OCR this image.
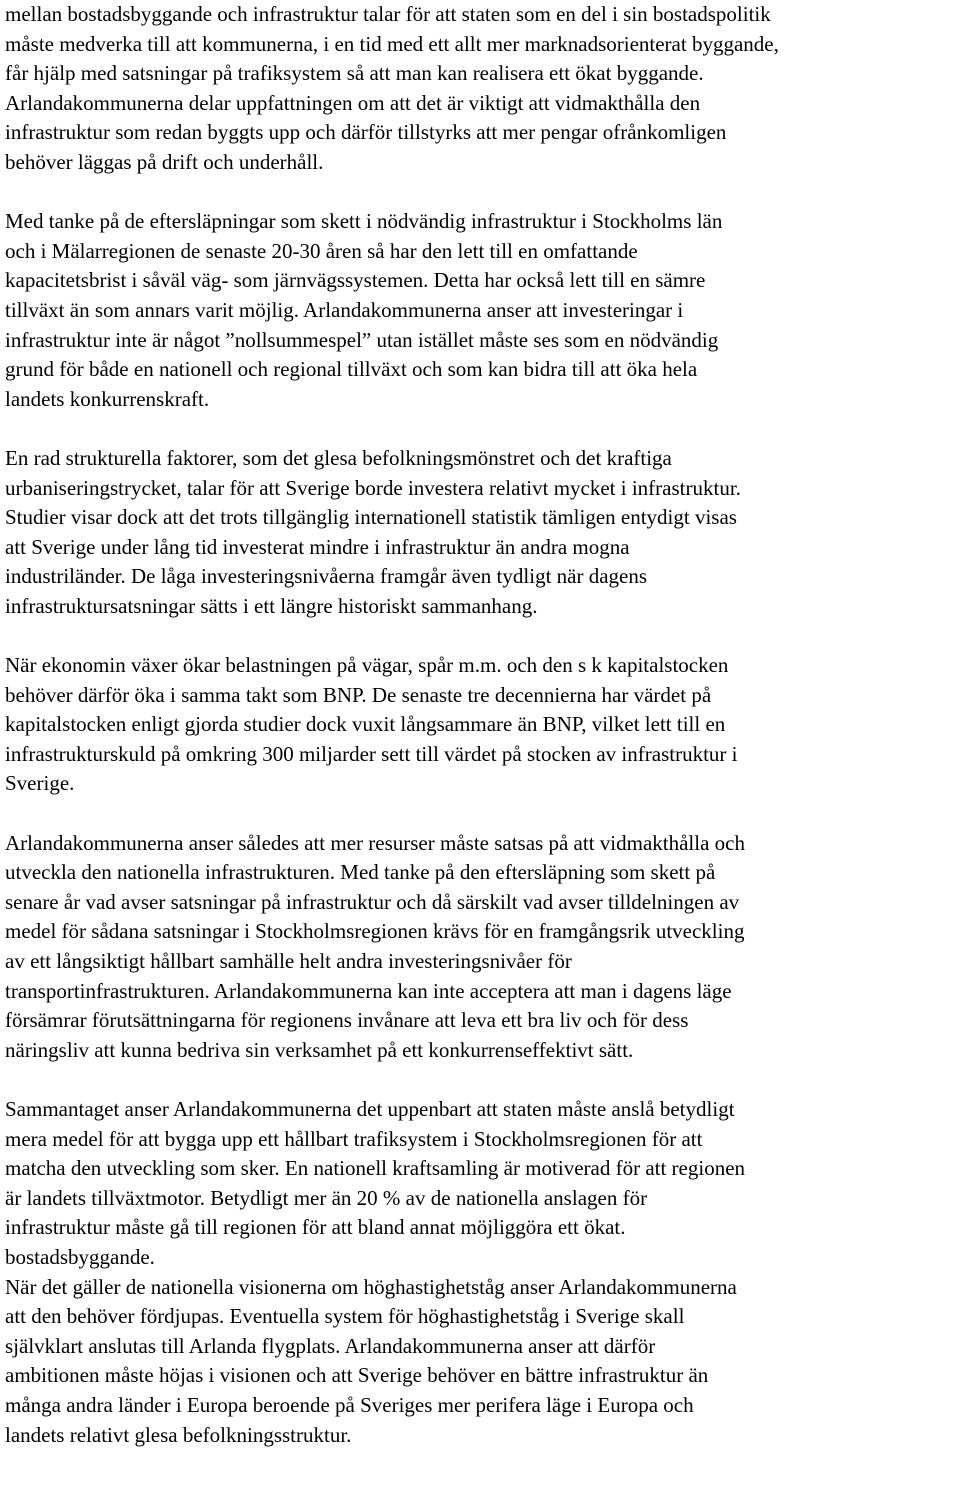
mellan bostadsbyggande och infrastruktur talar för att staten som en del i sin bostadspolitik
måste medverka till att kommunerna, i en tid med ett allt mer marknadsorienterat byggande,
får hjälp med satsningar på trafiksystem så att man kan realisera ett ökat byggande.
Arlandakommunerna delar uppfattningen om att det är viktigt att vidmakthålla den
infrastruktur som redan byggts upp och därför tillstyrks att mer pengar ofrånkomligen
behöver läggas på drift och underhåll.
Med tanke på de eftersläpningar som skett i nödvändig infrastruktur i Stockholms län
och i Mälarregionen de senaste 20-30 åren så har den lett till en omfattande
kapacitetsbrist i såväl väg- som järnvägssystemen. Detta har också lett till en sämre
tillväxt än som annars varit möjlig. Arlandakommunerna anser att investeringar i
infrastruktur inte är något ”nollsummespel” utan istället måste ses som en nödvändig
grund för både en nationell och regional tillväxt och som kan bidra till att öka hela
landets konkurrenskraft.
En rad strukturella faktorer, som det glesa befolkningsmönstret och det kraftiga
urbaniseringstrycket, talar för att Sverige borde investera relativt mycket i infrastruktur.
Studier visar dock att det trots tillgänglig internationell statistik tämligen entydigt visas
att Sverige under lång tid investerat mindre i infrastruktur än andra mogna
industriländer. De låga investeringsnivåerna framgår även tydligt när dagens
infrastruktursatsningar sätts i ett längre historiskt sammanhang.
När ekonomin växer ökar belastningen på vägar, spår m.m. och den s k kapitalstocken
behöver därför öka i samma takt som BNP. De senaste tre decennierna har värdet på
kapitalstocken enligt gjorda studier dock vuxit långsammare än BNP, vilket lett till en
infrastrukturskuld på omkring 300 miljarder sett till värdet på stocken av infrastruktur i
Sverige.
Arlandakommunerna anser således att mer resurser måste satsas på att vidmakthålla och
utveckla den nationella infrastrukturen. Med tanke på den eftersläpning som skett på
senare år vad avser satsningar på infrastruktur och då särskilt vad avser tilldelningen av
medel för sådana satsningar i Stockholmsregionen krävs för en framgångsrik utveckling
av ett långsiktigt hållbart samhälle helt andra investeringsnivåer för
transportinfrastrukturen. Arlandakommunerna kan inte acceptera att man i dagens läge
försämrar förutsättningarna för regionens invånare att leva ett bra liv och för dess
näringsliv att kunna bedriva sin verksamhet på ett konkurrenseffektivt sätt.
Sammantaget anser Arlandakommunerna det uppenbart att staten måste anslå betydligt
mera medel för att bygga upp ett hållbart trafiksystem i Stockholmsregionen för att
matcha den utveckling som sker. En nationell kraftsamling är motiverad för att regionen
är landets tillväxtmotor. Betydligt mer än 20 % av de nationella anslagen för
infrastruktur måste gå till regionen för att bland annat möjliggöra ett ökat.
bostadsbyggande.
När det gäller de nationella visionerna om höghastighetståg anser Arlandakommunerna
att den behöver fördjupas. Eventuella system för höghastighetståg i Sverige skall
självklart anslutas till Arlanda flygplats. Arlandakommunerna anser att därför
ambitionen måste höjas i visionen och att Sverige behöver en bättre infrastruktur än
många andra länder i Europa beroende på Sveriges mer perifera läge i Europa och
landets relativt glesa befolkningsstruktur.
